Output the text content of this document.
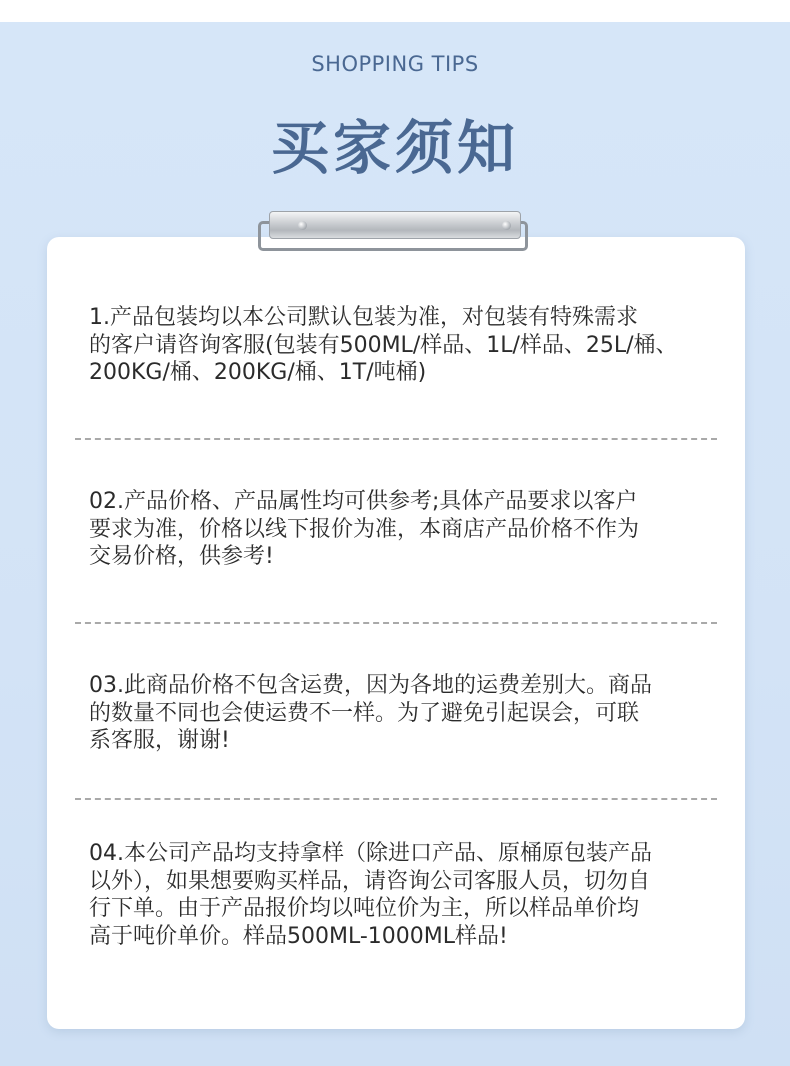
SHOPPING TIPS
买家须知

1.产品包装均以本公司默认包装为准，对包装有特殊需求

的客户请咨询客服(包装有500ML/样品、1L/样品、25L/桶、

200KG/桶、200KG/桶、1T/吨桶)

02.产品价格、产品属性均可供参考;具体产品要求以客户

要求为准，价格以线下报价为准，本商店产品价格不作为

交易价格，供参考!

03.此商品价格不包含运费，因为各地的运费差别大。商品

的数量不同也会使运费不一样。为了避免引起误会，可联

系客服，谢谢!

04.本公司产品均支持拿样（除进口产品、原桶原包装产品

以外），如果想要购买样品，请咨询公司客服人员，切勿自

行下单。由于产品报价均以吨位价为主，所以样品单价均

高于吨价单价。样品500ML-1000ML样品!
